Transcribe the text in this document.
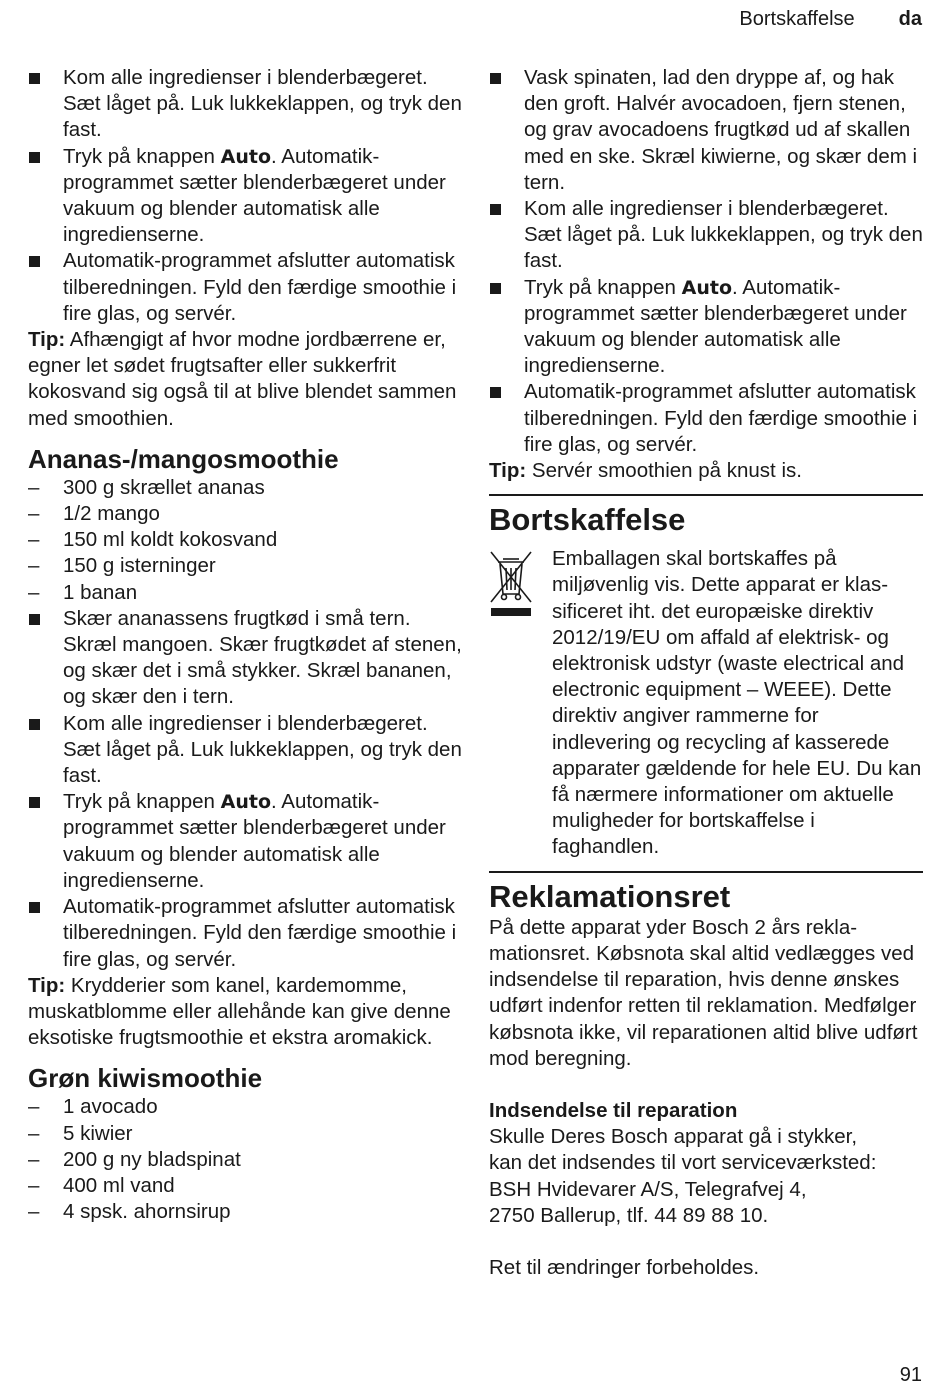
Bortskaffelse da
Kom alle ingredienser i blenderbægeret. Sæt låget på. Luk lukkeklappen, og tryk den fast.
Tryk på knappen Auto. Automatikprogrammet sætter blenderbægeret under vakuum og blender automatisk alle ingredienserne.
Automatik-programmet afslutter automatisk tilberedningen. Fyld den færdige smoothie i fire glas, og servér.

Tip: Afhængigt af hvor modne jordbærrene er, egner let sødet frugtsafter eller sukkerfrit kokosvand sig også til at blive blendet sammen med smoothien.

Ananas-/mangosmoothie
– 300 g skrællet ananas
– 1/2 mango
– 150 ml koldt kokosvand
– 150 g isterninger
– 1 banan
Skær ananassens frugtkød i små tern. Skræl mangoen. Skær frugtkødet af stenen, og skær det i små stykker. Skræl bananen, og skær den i tern.
Kom alle ingredienser i blenderbægeret. Sæt låget på. Luk lukkeklappen, og tryk den fast.
Tryk på knappen Auto. Automatikprogrammet sætter blenderbægeret under vakuum og blender automatisk alle ingredienserne.
Automatik-programmet afslutter automatisk tilberedningen. Fyld den færdige smoothie i fire glas, og servér.

Tip: Krydderier som kanel, kardemomme, muskatblomme eller allehånde kan give denne eksotiske frugtsmoothie et ekstra aromakick.

Grøn kiwismoothie
– 1 avocado
– 5 kiwier
– 200 g ny bladspinat
– 400 ml vand
– 4 spsk. ahornsirup
Vask spinaten, lad den dryppe af, og hak den groft. Halvér avocadoen, fjern stenen, og grav avocadoens frugtkød ud af skallen med en ske. Skræl kiwierne, og skær dem i tern.
Kom alle ingredienser i blenderbægeret. Sæt låget på. Luk lukkeklappen, og tryk den fast.
Tryk på knappen Auto. Automatikprogrammet sætter blenderbægeret under vakuum og blender automatisk alle ingredienserne.
Automatik-programmet afslutter automatisk tilberedningen. Fyld den færdige smoothie i fire glas, og servér.

Tip: Servér smoothien på knust is.

Bortskaffelse
Emballagen skal bortskaffes på miljøvenlig vis. Dette apparat er klassificeret iht. det europæiske direktiv 2012/19/EU om affald af elektrisk- og elektronisk udstyr (waste electrical and electronic equipment – WEEE). Dette direktiv angiver rammerne for indlevering og recycling af kasserede apparater gældende for hele EU. Du kan få nærmere informationer om aktuelle muligheder for bortskaffelse i faghandlen.
Reklamationsret

På dette apparat yder Bosch 2 års reklamationsret. Købsnota skal altid vedlægges ved indsendelse til reparation, hvis denne ønskes udført indenfor retten til reklamation. Medfølger købsnota ikke, vil reparationen altid blive udført mod beregning.

Indsendelse til reparation

Skulle Deres Bosch apparat gå i stykker,

kan det indsendes til vort serviceværksted:

BSH Hvidevarer A/S, Telegrafvej 4,

2750 Ballerup, tlf. 44 89 88 10.

Ret til ændringer forbeholdes.

91
